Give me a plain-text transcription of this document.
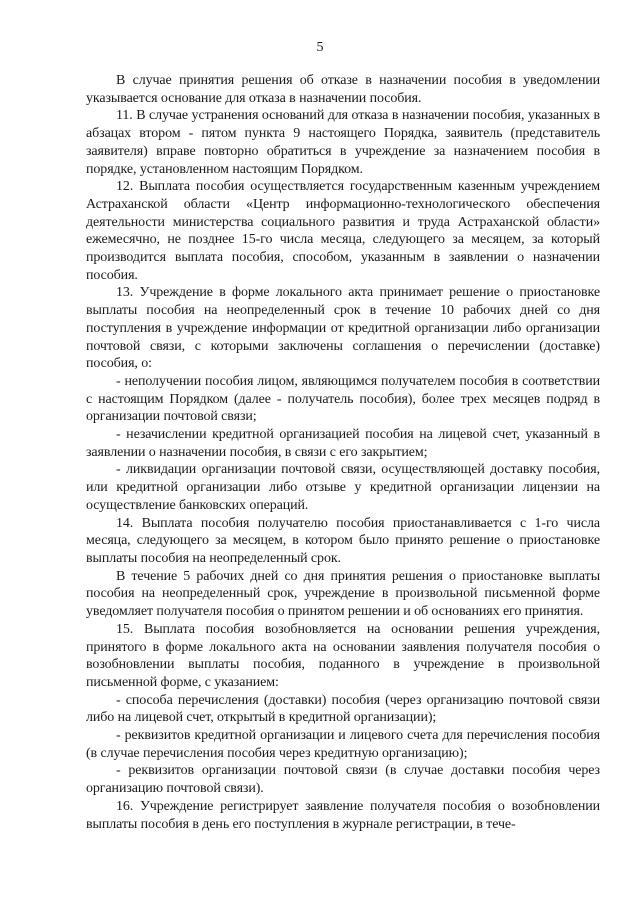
5

В случае принятия решения об отказе в назначении пособия в уведомлении указывается основание для отказа в назначении пособия.

11. В случае устранения оснований для отказа в назначении пособия, указанных в абзацах втором - пятом пункта 9 настоящего Порядка, заявитель (представитель заявителя) вправе повторно обратиться в учреждение за назначением пособия в порядке, установленном настоящим Порядком.

12. Выплата пособия осуществляется государственным казенным учреждением Астраханской области «Центр информационно-технологического обеспечения деятельности министерства социального развития и труда Астраханской области» ежемесячно, не позднее 15-го числа месяца, следующего за месяцем, за который производится выплата пособия, способом, указанным в заявлении о назначении пособия.

13. Учреждение в форме локального акта принимает решение о приостановке выплаты пособия на неопределенный срок в течение 10 рабочих дней со дня поступления в учреждение информации от кредитной организации либо организации почтовой связи, с которыми заключены соглашения о перечислении (доставке) пособия, о:

- неполучении пособия лицом, являющимся получателем пособия в соответствии с настоящим Порядком (далее - получатель пособия), более трех месяцев подряд в организации почтовой связи;

- незачислении кредитной организацией пособия на лицевой счет, указанный в заявлении о назначении пособия, в связи с его закрытием;

- ликвидации организации почтовой связи, осуществляющей доставку пособия, или кредитной организации либо отзыве у кредитной организации лицензии на осуществление банковских операций.

14. Выплата пособия получателю пособия приостанавливается с 1-го числа месяца, следующего за месяцем, в котором было принято решение о приостановке выплаты пособия на неопределенный срок.

В течение 5 рабочих дней со дня принятия решения о приостановке выплаты пособия на неопределенный срок, учреждение в произвольной письменной форме уведомляет получателя пособия о принятом решении и об основаниях его принятия.

15. Выплата пособия возобновляется на основании решения учреждения, принятого в форме локального акта на основании заявления получателя пособия о возобновлении выплаты пособия, поданного в учреждение в произвольной письменной форме, с указанием:

- способа перечисления (доставки) пособия (через организацию почтовой связи либо на лицевой счет, открытый в кредитной организации);

- реквизитов кредитной организации и лицевого счета для перечисления пособия (в случае перечисления пособия через кредитную организацию);

- реквизитов организации почтовой связи (в случае доставки пособия через организацию почтовой связи).

16. Учреждение регистрирует заявление получателя пособия о возобновлении выплаты пособия в день его поступления в журнале регистрации, в тече-
